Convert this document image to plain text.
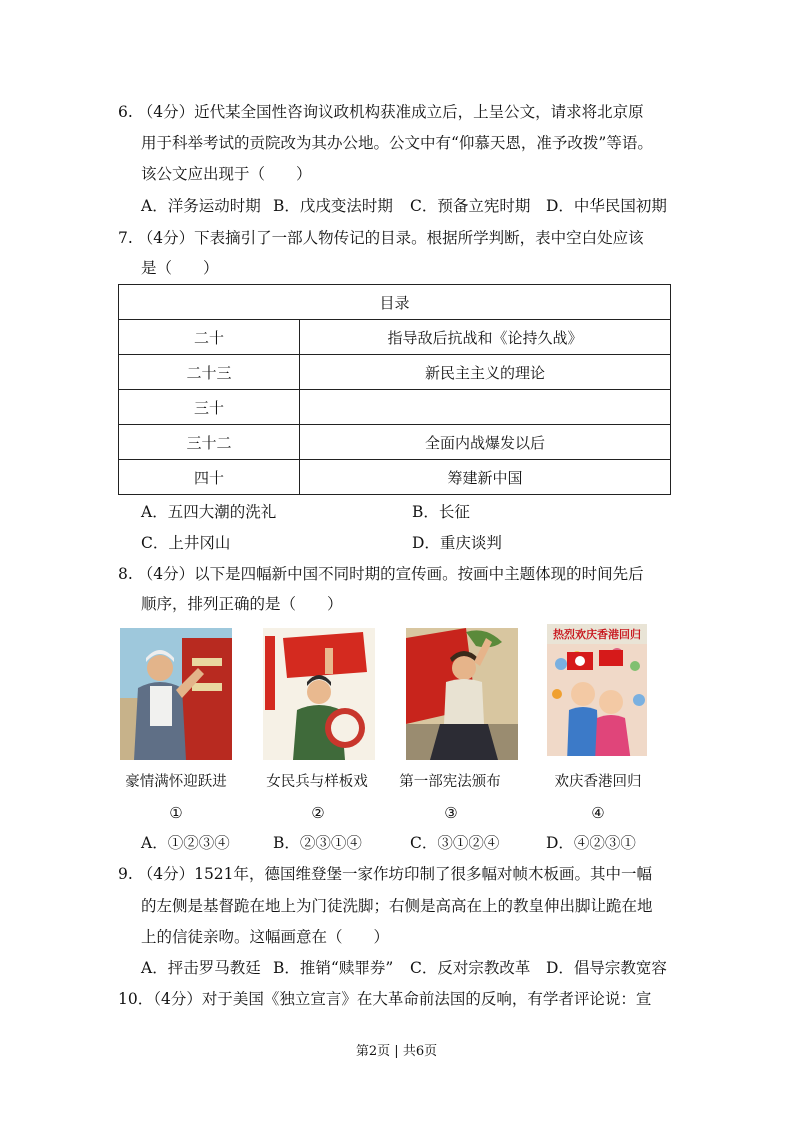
6. （4分）近代某全国性咨询议政机构获准成立后，上呈公文，请求将北京原
用于科举考试的贡院改为其办公地。公文中有“仰慕天恩，准予改拨”等语。
该公文应出现于（　　）
A．洋务运动时期 B．戊戌变法时期 C．预备立宪时期 D．中华民国初期
7. （4分）下表摘引了一部人物传记的目录。根据所学判断，表中空白处应该
是（　　）
目录	
二十	指导敌后抗战和《论持久战》
二十三	新民主主义的理论
三十	
三十二	全面内战爆发以后
四十	筹建新中国
A．五四大潮的洗礼	B．长征
C．上井冈山	D．重庆谈判
8. （4分）以下是四幅新中国不同时期的宣传画。按画中主题体现的时间先后
顺序，排列正确的是（　　）
热烈欢庆香港回归
豪情满怀迎跃进	女民兵与样板戏	第一部宪法颁布	欢庆香港回归
①	②	③	④
A．①②③④	B．②③①④	C．③①②④	D．④②③①
9. （4分）1521年，德国维登堡一家作坊印制了很多幅对帧木板画。其中一幅
的左侧是基督跪在地上为门徒洗脚；右侧是高高在上的教皇伸出脚让跪在地
上的信徒亲吻。这幅画意在（　　）
A．抨击罗马教廷 B．推销“赎罪券” C．反对宗教改革 D．倡导宗教宽容
10．（4分）对于美国《独立宣言》在大革命前法国的反响，有学者评论说：宣
第2页 | 共6页
